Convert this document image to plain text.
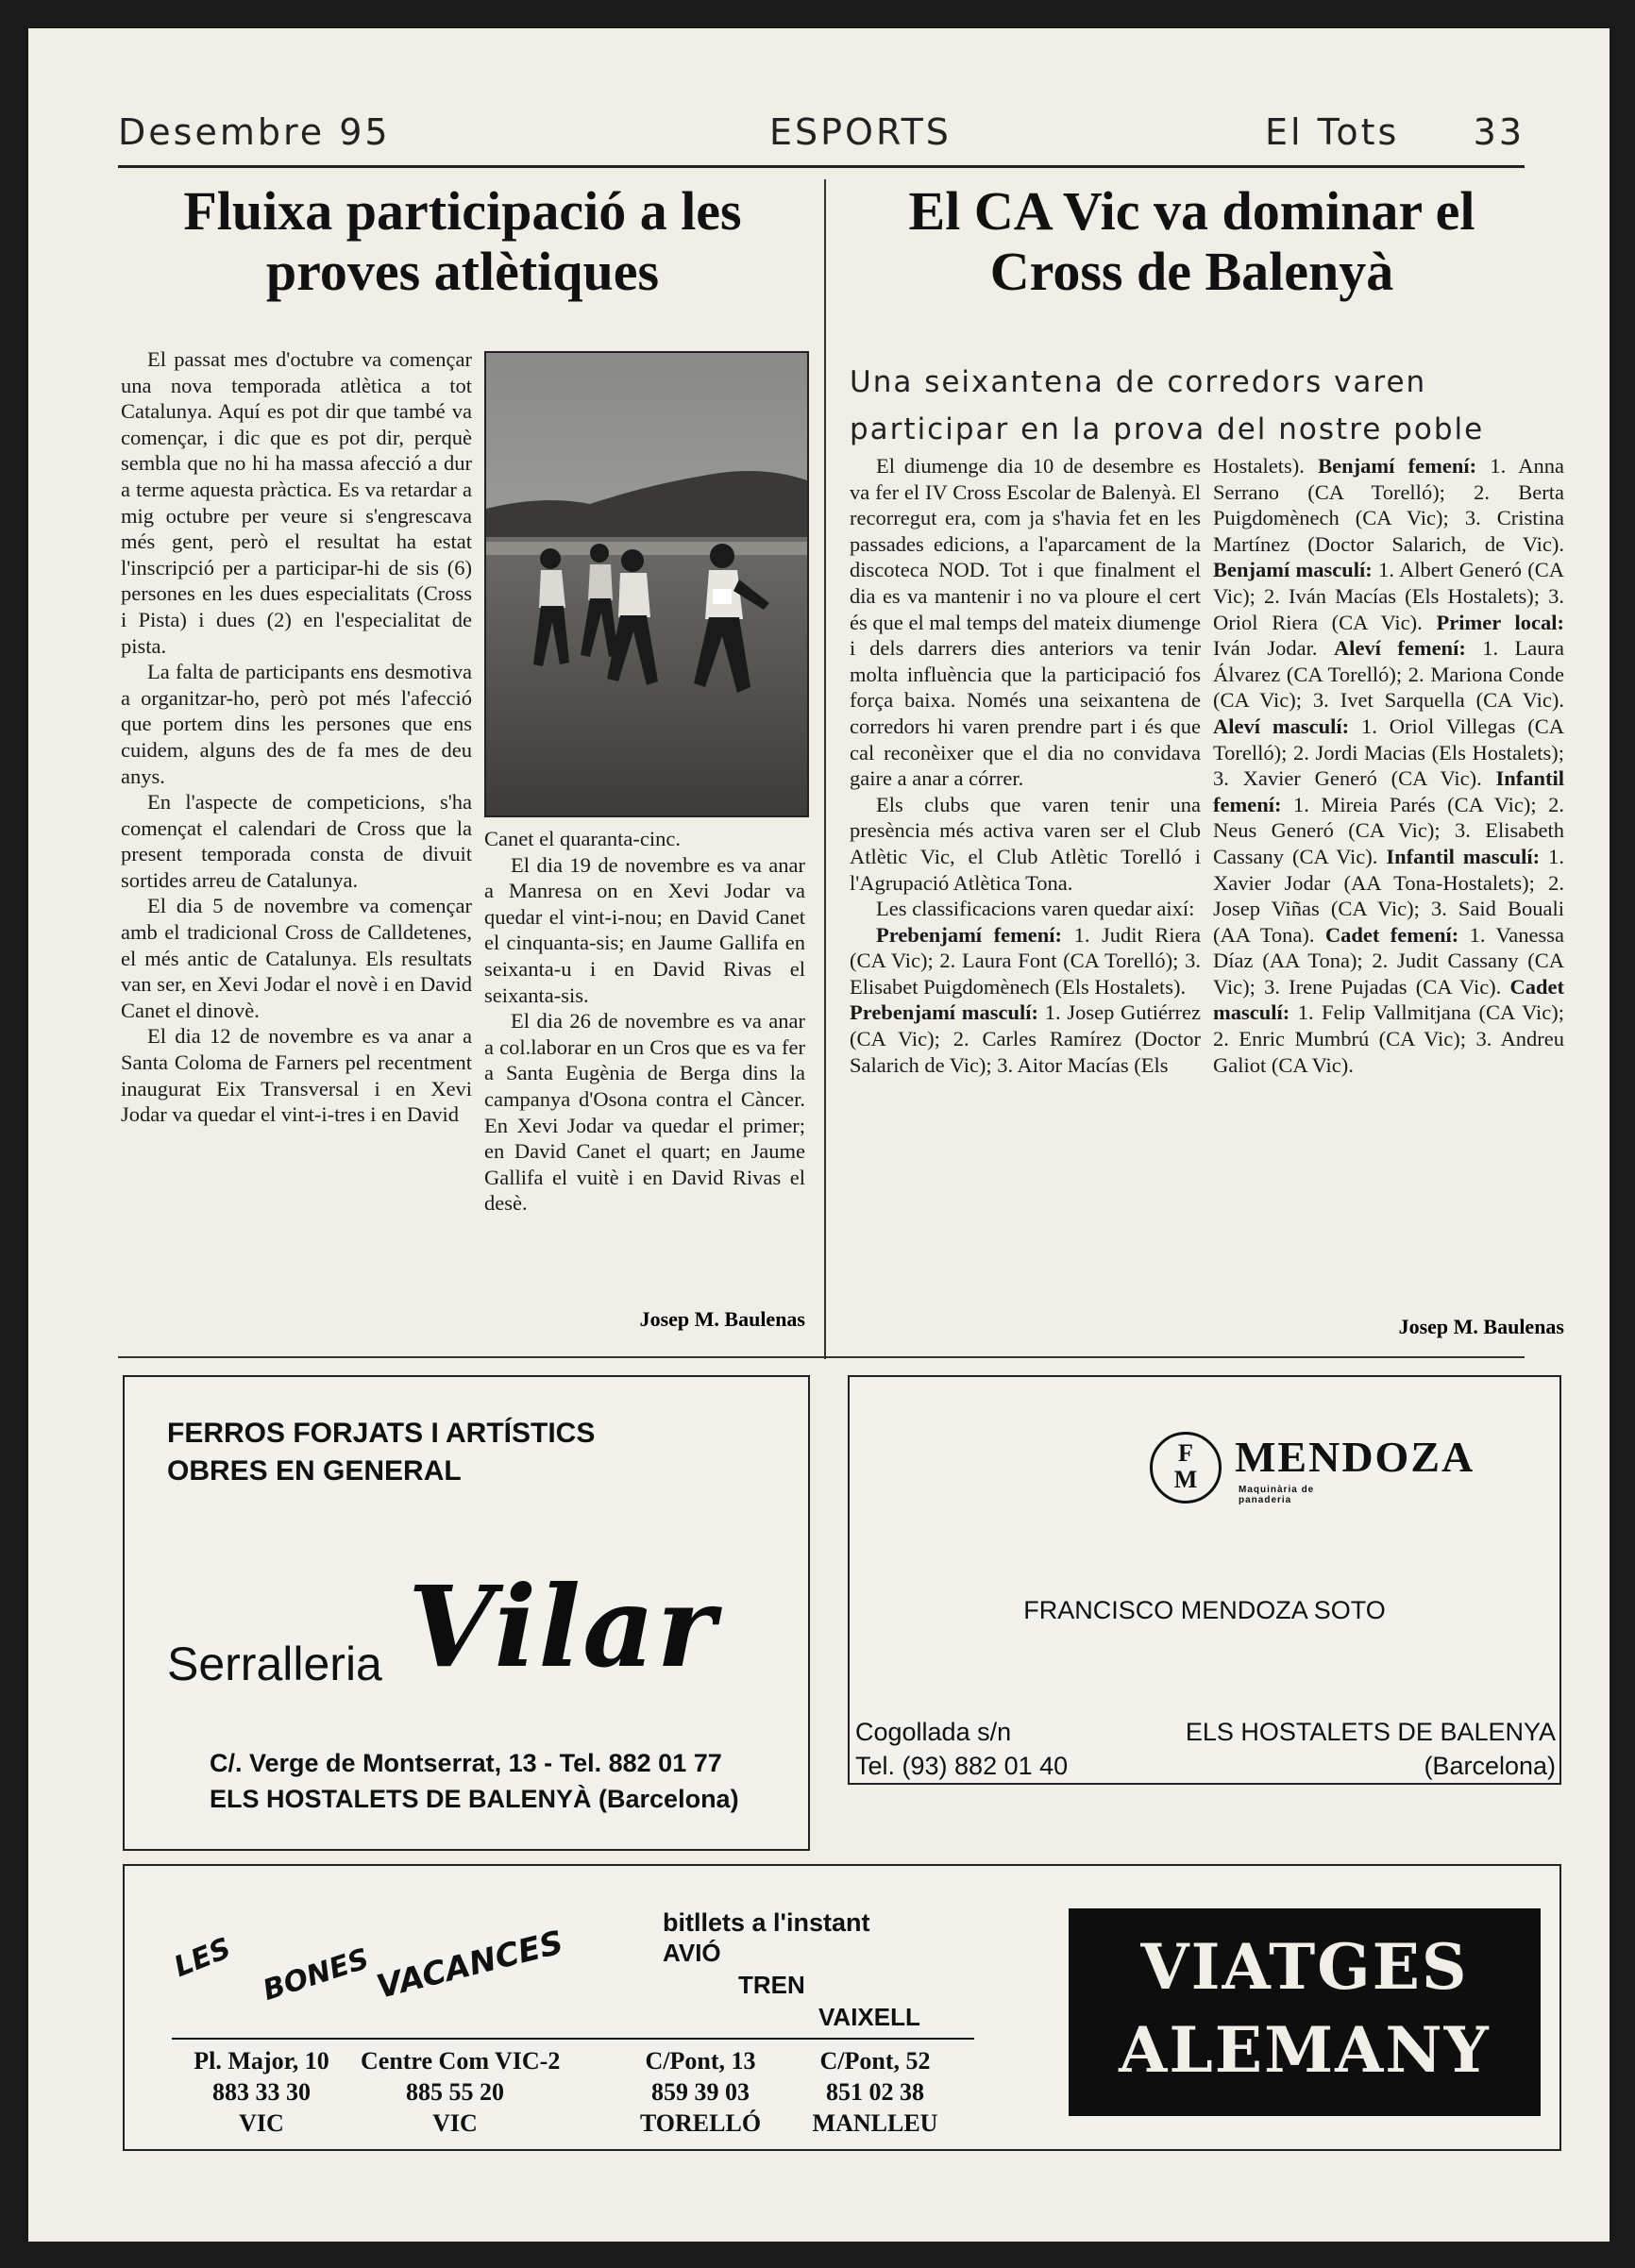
Desembre 95	ESPORTS	El Tots 33
Fluixa participació a les
proves atlètiques

El passat mes d'octubre va començar una nova temporada atlètica a tot Catalunya. Aquí es pot dir que també va començar, i dic que es pot dir, perquè sembla que no hi ha massa afecció a dur a terme aquesta pràctica. Es va retardar a mig octubre per veure si s'engrescava més gent, però el resultat ha estat l'inscripció per a participar-hi de sis (6) persones en les dues especialitats (Cross i Pista) i dues (2) en l'especialitat de pista.

La falta de participants ens desmotiva a organitzar-ho, però pot més l'afecció que portem dins les persones que ens cuidem, alguns des de fa mes de deu anys.

En l'aspecte de competicions, s'ha començat el calendari de Cross que la present temporada consta de divuit sortides arreu de Catalunya.

El dia 5 de novembre va començar amb el tradicional Cross de Calldetenes, el més antic de Catalunya. Els resultats van ser, en Xevi Jodar el novè i en David Canet el dinovè.

El dia 12 de novembre es va anar a Santa Coloma de Farners pel recentment inaugurat Eix Transversal i en Xevi Jodar va quedar el vint-i-tres i en David

Canet el quaranta-cinc.

El dia 19 de novembre es va anar a Manresa on en Xevi Jodar va quedar el vint-i-nou; en David Canet el cinquanta-sis; en Jaume Gallifa en seixanta-u i en David Rivas el seixanta-sis.

El dia 26 de novembre es va anar a col.laborar en un Cros que es va fer a Santa Eugènia de Berga dins la campanya d'Osona contra el Càncer. En Xevi Jodar va quedar el primer; en David Canet el quart; en Jaume Gallifa el vuitè i en David Rivas el desè.

Josep M. Baulenas
El CA Vic va dominar el
Cross de Balenyà
Una seixantena de corredors varen
participar en la prova del nostre poble

El diumenge dia 10 de desembre es va fer el IV Cross Escolar de Balenyà. El recorregut era, com ja s'havia fet en les passades edicions, a l'aparcament de la discoteca NOD. Tot i que finalment el dia es va mantenir i no va ploure el cert és que el mal temps del mateix diumenge i dels darrers dies anteriors va tenir molta influència que la participació fos força baixa. Només una seixantena de corredors hi varen prendre part i és que cal reconèixer que el dia no convidava gaire a anar a córrer.

Els clubs que varen tenir una presència més activa varen ser el Club Atlètic Vic, el Club Atlètic Torelló i l'Agrupació Atlètica Tona.

Les classificacions varen quedar així:

Prebenjamí femení: 1. Judit Riera (CA Vic); 2. Laura Font (CA Torelló); 3. Elisabet Puigdomènech (Els Hostalets).

Prebenjamí masculí: 1. Josep Gutiérrez (CA Vic); 2. Carles Ramírez (Doctor Salarich de Vic); 3. Aitor Macías (Els

Hostalets). Benjamí femení: 1. Anna Serrano (CA Torelló); 2. Berta Puigdomènech (CA Vic); 3. Cristina Martínez (Doctor Salarich, de Vic). Benjamí masculí: 1. Albert Generó (CA Vic); 2. Iván Macías (Els Hostalets); 3. Oriol Riera (CA Vic). Primer local: Iván Jodar. Aleví femení: 1. Laura Álvarez (CA Torelló); 2. Mariona Conde (CA Vic); 3. Ivet Sarquella (CA Vic). Aleví masculí: 1. Oriol Villegas (CA Torelló); 2. Jordi Macias (Els Hostalets); 3. Xavier Generó (CA Vic). Infantil femení: 1. Mireia Parés (CA Vic); 2. Neus Generó (CA Vic); 3. Elisabeth Cassany (CA Vic). Infantil masculí: 1. Xavier Jodar (AA Tona-Hostalets); 2. Josep Viñas (CA Vic); 3. Said Bouali (AA Tona). Cadet femení: 1. Vanessa Díaz (AA Tona); 2. Judit Cassany (CA Vic); 3. Irene Pujadas (CA Vic). Cadet masculí: 1. Felip Vallmitjana (CA Vic); 2. Enric Mumbrú (CA Vic); 3. Andreu Galiot (CA Vic).

Josep M. Baulenas
FERROS FORJATS I ARTÍSTICS
OBRES EN GENERAL
Serralleria Vilar
C/. Verge de Montserrat, 13 - Tel. 882 01 77
ELS HOSTALETS DE BALENYÀ (Barcelona)
F
M MENDOZA
Maquinària de panaderia
FRANCISCO MENDOZA SOTO
Cogollada s/n
Tel. (93) 882 01 40
ELS HOSTALETS DE BALENYA
(Barcelona)
LES BONES VACANCES
bitllets a l'instant
AVIÓ
TREN
VAIXELL
Pl. Major, 10
883 33 30
VIC
Centre Com VIC-2
885 55 20
VIC
C/Pont, 13
859 39 03
TORELLÓ
C/Pont, 52
851 02 38
MANLLEU
VIATGES
ALEMANY
